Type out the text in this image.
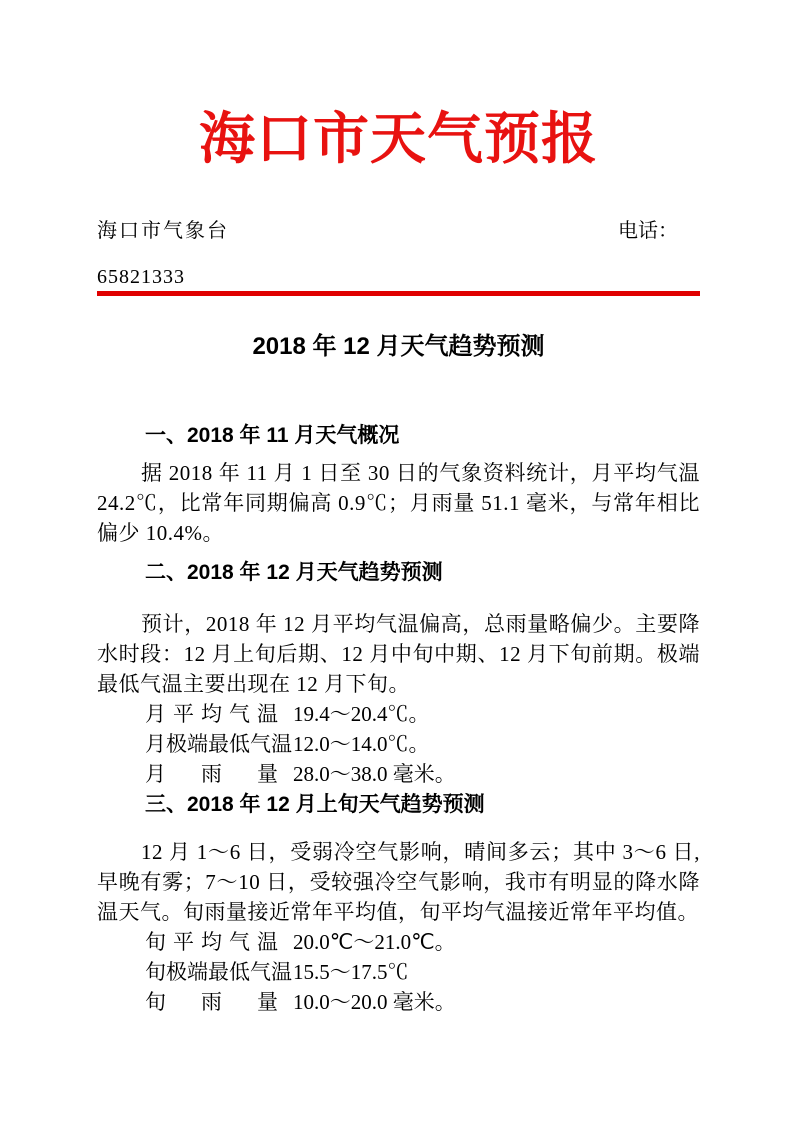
海口市天气预报
海口市气象台	电话：
65821333
2018 年 12 月天气趋势预测
一、2018 年 11 月天气概况
据 2018 年 11 月 1 日至 30 日的气象资料统计，月平均气温 24.2℃，比常年同期偏高 0.9℃；月雨量 51.1 毫米，与常年相比偏少 10.4%。
二、2018 年 12 月天气趋势预测
预计，2018 年 12 月平均气温偏高，总雨量略偏少。主要降水时段：12 月上旬后期、12 月中旬中期、12 月下旬前期。极端最低气温主要出现在 12 月下旬。
月平均气温 19.4～20.4℃。
月极端最低气温12.0～14.0℃。
月雨量 28.0～38.0 毫米。
三、2018 年 12 月上旬天气趋势预测
12 月 1～6 日，受弱冷空气影响，晴间多云；其中 3～6 日,早晚有雾；7～10 日，受较强冷空气影响，我市有明显的降水降温天气。旬雨量接近常年平均值，旬平均气温接近常年平均值。
旬平均气温 20.0℃～21.0℃。
旬极端最低气温15.5～17.5℃
旬雨量 10.0～20.0 毫米。
